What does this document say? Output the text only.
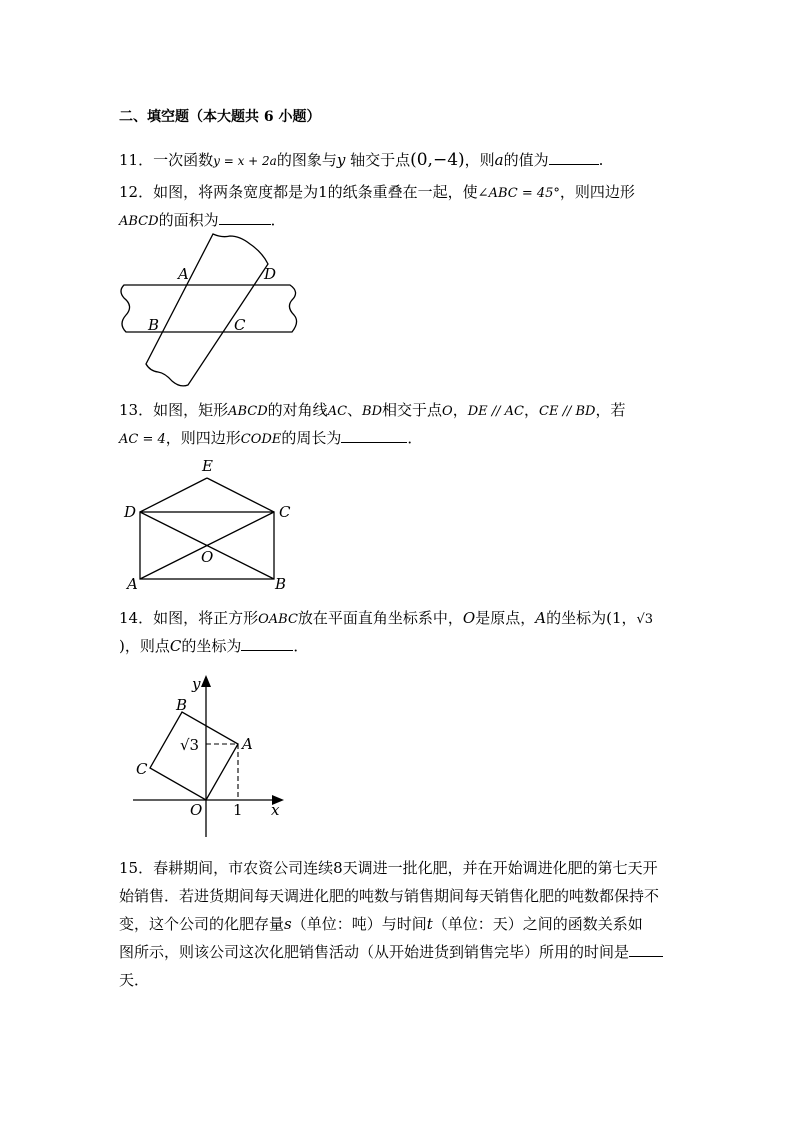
二、填空题（本大题共 6 小题）
11．一次函数y = x + 2a的图象与y 轴交于点(0,−4)，则a的值为	.
12．如图，将两条宽度都是为1的纸条重叠在一起，使∠ABC = 45°，则四边形
ABCD的面积为	．
A	D
B	C
13．如图，矩形ABCD的对角线AC、BD相交于点O，DE // AC，CE // BD，若
AC = 4，则四边形CODE的周长为	．
E
D	C
O
A	B
14．如图，将正方形OABC放在平面直角坐标系中，O是原点，A的坐标为(1，√3
)，则点C的坐标为	．
y
x
B
A
C
O 1
√3
15．春耕期间，市农资公司连续8天调进一批化肥，并在开始调进化肥的第七天开
始销售．若进货期间每天调进化肥的吨数与销售期间每天销售化肥的吨数都保持不
变，这个公司的化肥存量s（单位：吨）与时间t（单位：天）之间的函数关系如
图所示，则该公司这次化肥销售活动（从开始进货到销售完毕）所用的时间是
天．
